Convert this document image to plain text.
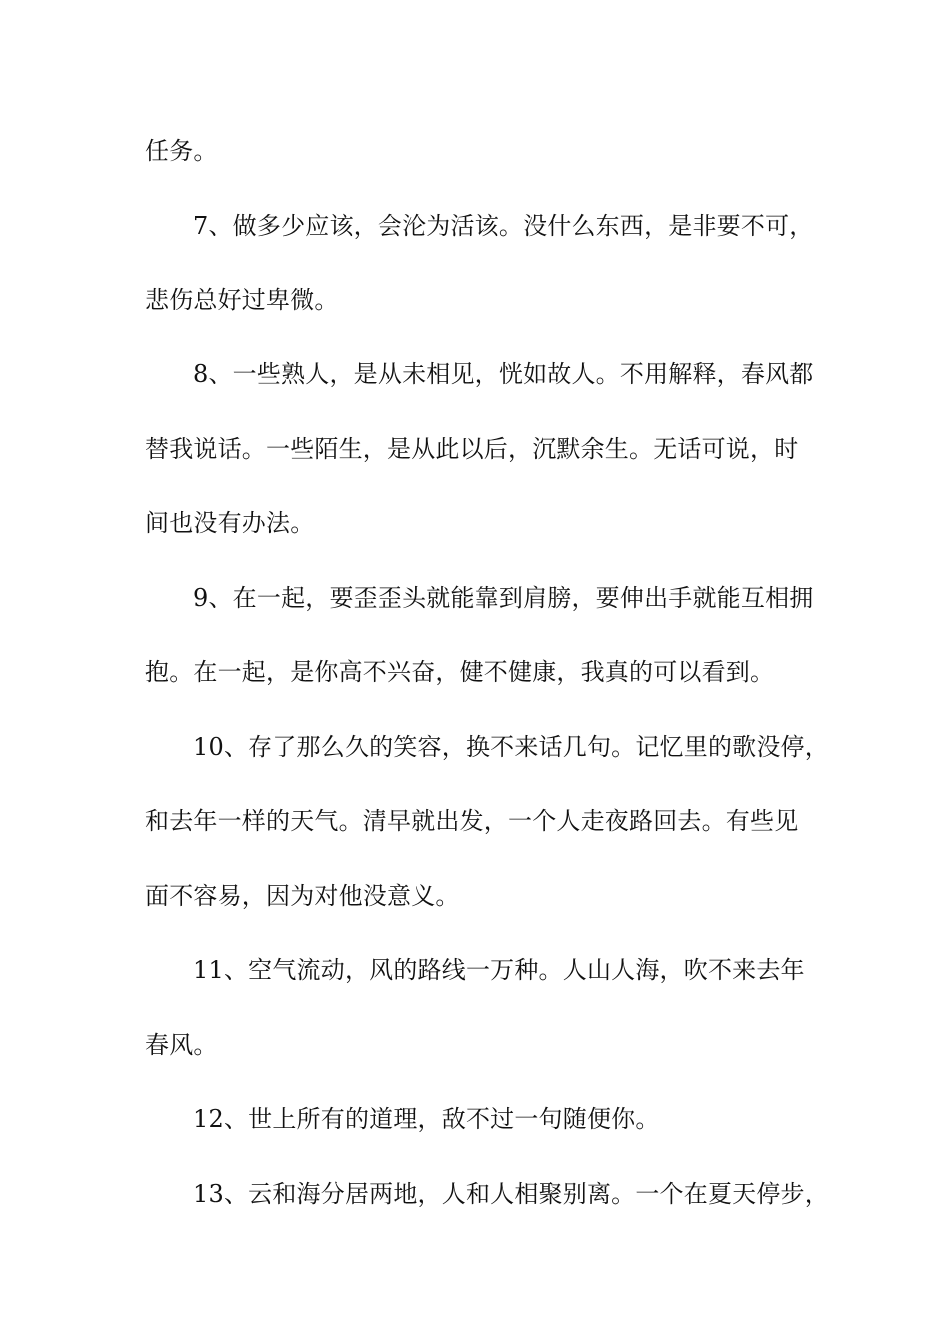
任务。
7、做多少应该，会沦为活该。没什么东西，是非要不可，
悲伤总好过卑微。
8、一些熟人，是从未相见，恍如故人。不用解释，春风都
替我说话。一些陌生，是从此以后，沉默余生。无话可说，时
间也没有办法。
9、在一起，要歪歪头就能靠到肩膀，要伸出手就能互相拥
抱。在一起，是你高不兴奋，健不健康，我真的可以看到。
10、存了那么久的笑容，换不来话几句。记忆里的歌没停，
和去年一样的天气。清早就出发，一个人走夜路回去。有些见
面不容易，因为对他没意义。
11、空气流动，风的路线一万种。人山人海，吹不来去年
春风。
12、世上所有的道理，敌不过一句随便你。
13、云和海分居两地，人和人相聚别离。一个在夏天停步，
